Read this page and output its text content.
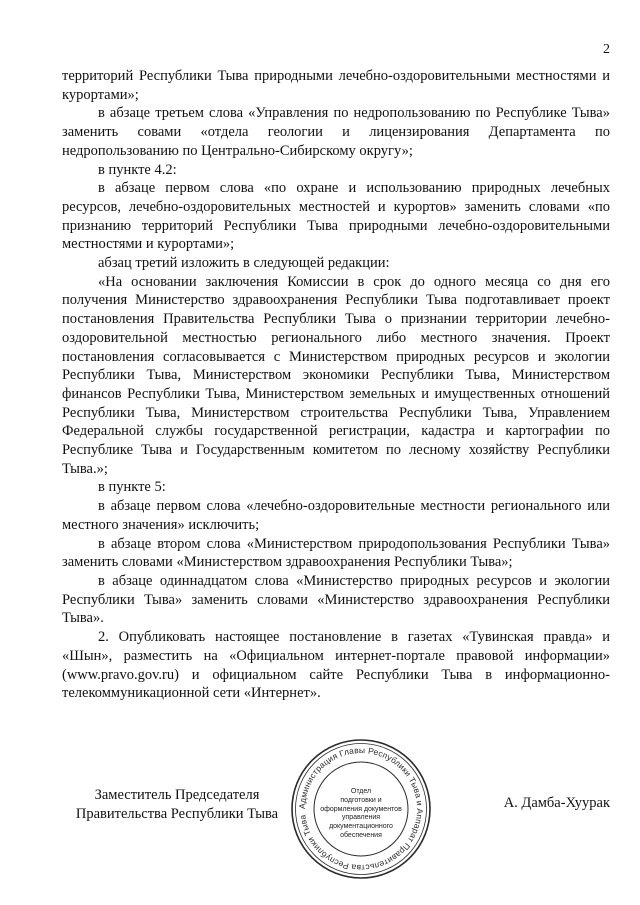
2

территорий Республики Тыва природными лечебно-оздоровительными местностями и курортами»;

в абзаце третьем слова «Управления по недропользованию по Республике Тыва» заменить совами «отдела геологии и лицензирования Департамента по недропользованию по Центрально-Сибирскому округу»;

в пункте 4.2:

в абзаце первом слова «по охране и использованию природных лечебных ресурсов, лечебно-оздоровительных местностей и курортов» заменить словами «по признанию территорий Республики Тыва природными лечебно-оздоровительными местностями и курортами»;

абзац третий изложить в следующей редакции:

«На основании заключения Комиссии в срок до одного месяца со дня его получения Министерство здравоохранения Республики Тыва подготавливает проект постановления Правительства Республики Тыва о признании территории лечебно-оздоровительной местностью регионального либо местного значения. Проект постановления согласовывается с Министерством природных ресурсов и экологии Республики Тыва, Министерством экономики Республики Тыва, Министерством финансов Республики Тыва, Министерством земельных и имущественных отношений Республики Тыва, Министерством строительства Республики Тыва, Управлением Федеральной службы государственной регистрации, кадастра и картографии по Республике Тыва и Государственным комитетом по лесному хозяйству Республики Тыва.»;

в пункте 5:

в абзаце первом слова «лечебно-оздоровительные местности регионального или местного значения» исключить;

в абзаце втором слова «Министерством природопользования Республики Тыва» заменить словами «Министерством здравоохранения Республики Тыва»;

в абзаце одиннадцатом слова «Министерство природных ресурсов и экологии Республики Тыва» заменить словами «Министерство здравоохранения Республики Тыва».

2. Опубликовать настоящее постановление в газетах «Тувинская правда» и «Шын», разместить на «Официальном интернет-портале правовой информации» (www.pravo.gov.ru) и официальном сайте Республики Тыва в информационно-телекоммуникационной сети «Интернет».

Заместитель Председателя
Правительства Республики Тыва	Администрация Главы Республики Тыва и Аппарат Правительства Республики Тыва
Отдел
подготовки и
оформления документов
управления
документационного
обеспечения
А. Дамба-Хуурак
